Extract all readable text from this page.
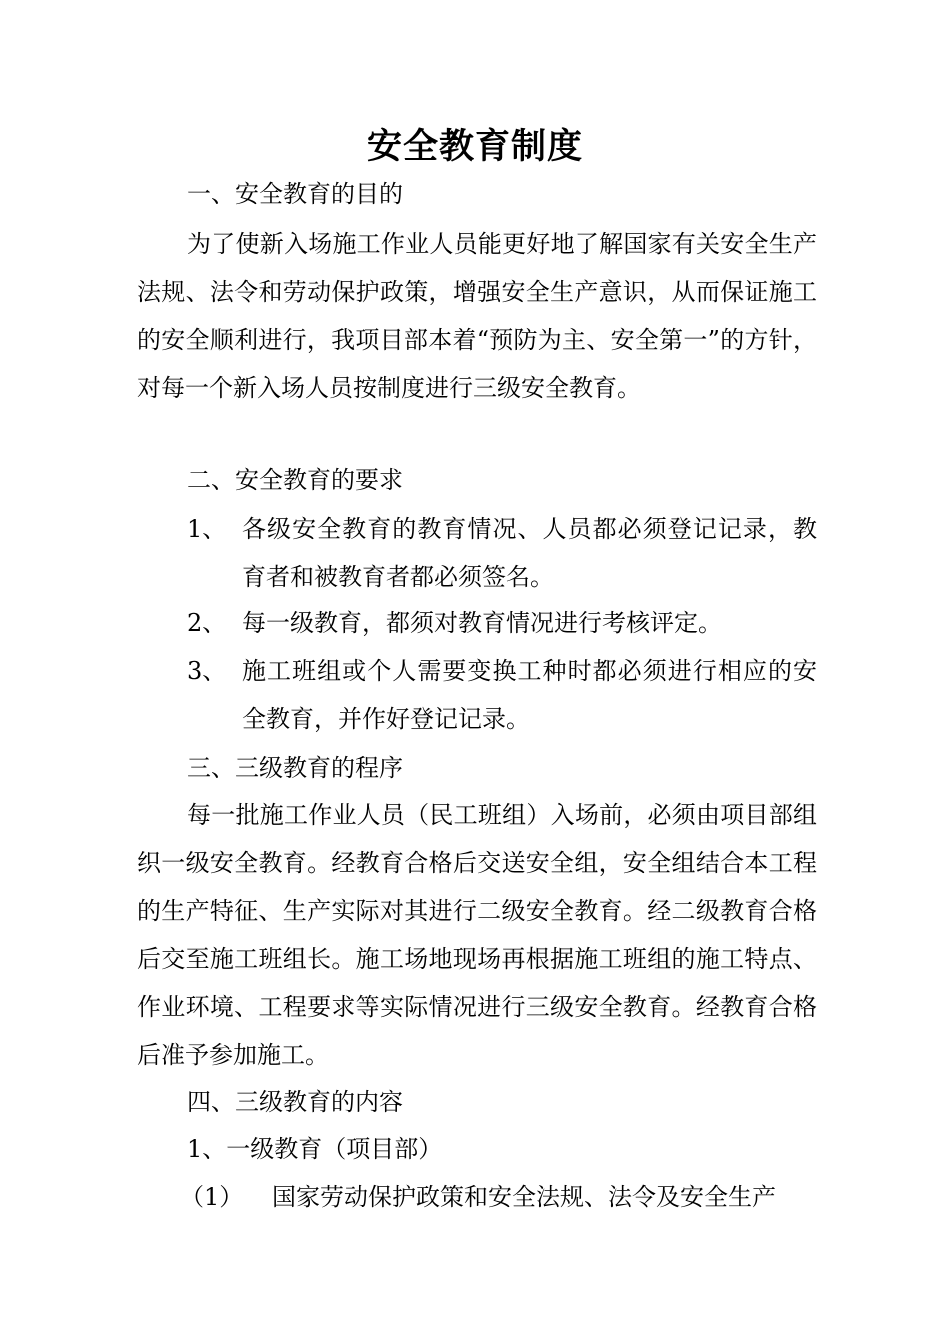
安全教育制度
一、安全教育的目的
为了使新入场施工作业人员能更好地了解国家有关安全生产法规、法令和劳动保护政策，增强安全生产意识，从而保证施工的安全顺利进行，我项目部本着“预防为主、安全第一”的方针，对每一个新入场人员按制度进行三级安全教育。
二、安全教育的要求
1、 各级安全教育的教育情况、人员都必须登记记录，教育者和被教育者都必须签名。
2、 每一级教育，都须对教育情况进行考核评定。
3、 施工班组或个人需要变换工种时都必须进行相应的安全教育，并作好登记记录。
三、三级教育的程序
每一批施工作业人员（民工班组）入场前，必须由项目部组织一级安全教育。经教育合格后交送安全组，安全组结合本工程的生产特征、生产实际对其进行二级安全教育。经二级教育合格后交至施工班组长。施工场地现场再根据施工班组的施工特点、作业环境、工程要求等实际情况进行三级安全教育。经教育合格后准予参加施工。
四、三级教育的内容
1、一级教育（项目部）
（1） 国家劳动保护政策和安全法规、法令及安全生产
